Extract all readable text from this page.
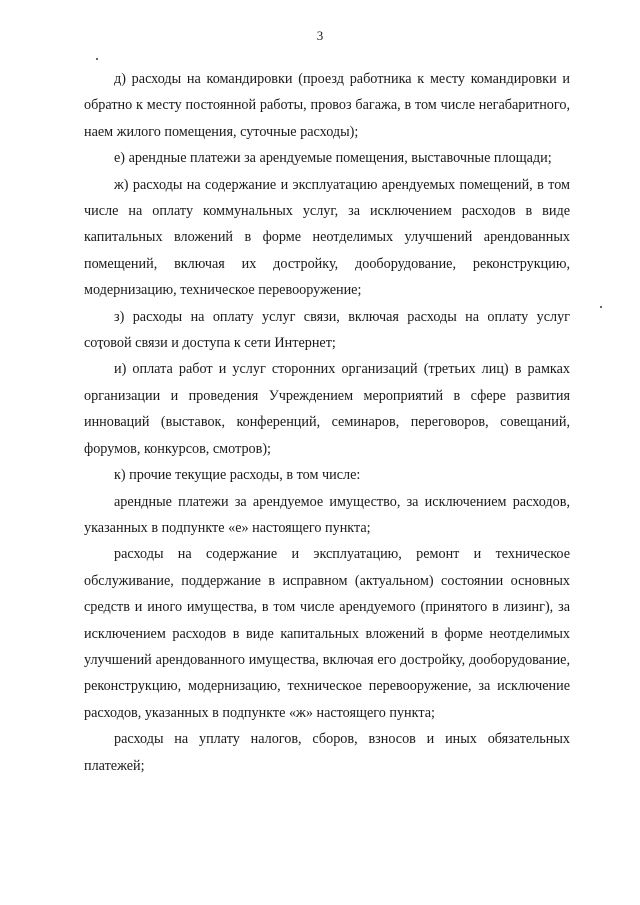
3

д) расходы на командировки (проезд работника к месту командировки и обратно к месту постоянной работы, провоз багажа, в том числе негабаритного, наем жилого помещения, суточные расходы);

е) арендные платежи за арендуемые помещения, выставочные площади;

ж) расходы на содержание и эксплуатацию арендуемых помещений, в том числе на оплату коммунальных услуг, за исключением расходов в виде капитальных вложений в форме неотделимых улучшений арендованных помещений, включая их достройку, дооборудование, реконструкцию, модернизацию, техническое перевооружение;

з) расходы на оплату услуг связи, включая расходы на оплату услуг сотовой связи и доступа к сети Интернет;

и) оплата работ и услуг сторонних организаций (третьих лиц) в рамках организации и проведения Учреждением мероприятий в сфере развития инноваций (выставок, конференций, семинаров, переговоров, совещаний, форумов, конкурсов, смотров);

к) прочие текущие расходы, в том числе:

арендные платежи за арендуемое имущество, за исключением расходов, указанных в подпункте «е» настоящего пункта;

расходы на содержание и эксплуатацию, ремонт и техническое обслуживание, поддержание в исправном (актуальном) состоянии основных средств и иного имущества, в том числе арендуемого (принятого в лизинг), за исключением расходов в виде капитальных вложений в форме неотделимых улучшений арендованного имущества, включая его достройку, дооборудование, реконструкцию, модернизацию, техническое перевооружение, за исключение расходов, указанных в подпункте «ж» настоящего пункта;

расходы на уплату налогов, сборов, взносов и иных обязательных платежей;
